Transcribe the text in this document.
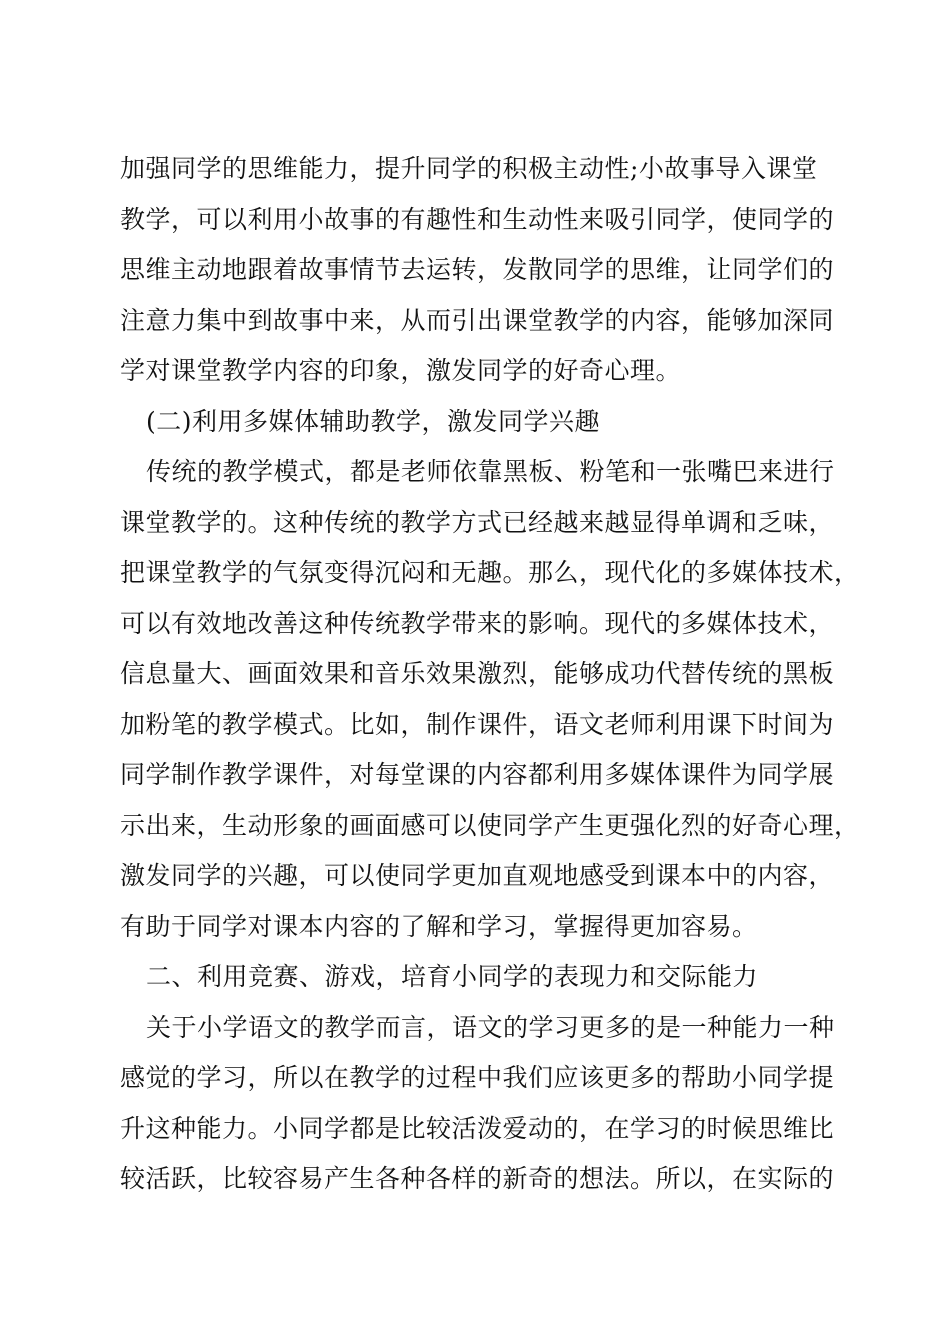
加强同学的思维能力，提升同学的积极主动性;小故事导入课堂
教学，可以利用小故事的有趣性和生动性来吸引同学，使同学的
思维主动地跟着故事情节去运转，发散同学的思维，让同学们的
注意力集中到故事中来，从而引出课堂教学的内容，能够加深同
学对课堂教学内容的印象，激发同学的好奇心理。
(二)利用多媒体辅助教学，激发同学兴趣
传统的教学模式，都是老师依靠黑板、粉笔和一张嘴巴来进行
课堂教学的。这种传统的教学方式已经越来越显得单调和乏味，
把课堂教学的气氛变得沉闷和无趣。那么，现代化的多媒体技术，
可以有效地改善这种传统教学带来的影响。现代的多媒体技术，
信息量大、画面效果和音乐效果激烈，能够成功代替传统的黑板
加粉笔的教学模式。比如，制作课件，语文老师利用课下时间为
同学制作教学课件，对每堂课的内容都利用多媒体课件为同学展
示出来，生动形象的画面感可以使同学产生更强化烈的好奇心理，
激发同学的兴趣，可以使同学更加直观地感受到课本中的内容，
有助于同学对课本内容的了解和学习，掌握得更加容易。
二、利用竞赛、游戏，培育小同学的表现力和交际能力
关于小学语文的教学而言，语文的学习更多的是一种能力一种
感觉的学习，所以在教学的过程中我们应该更多的帮助小同学提
升这种能力。小同学都是比较活泼爱动的，在学习的时候思维比
较活跃，比较容易产生各种各样的新奇的想法。所以，在实际的
